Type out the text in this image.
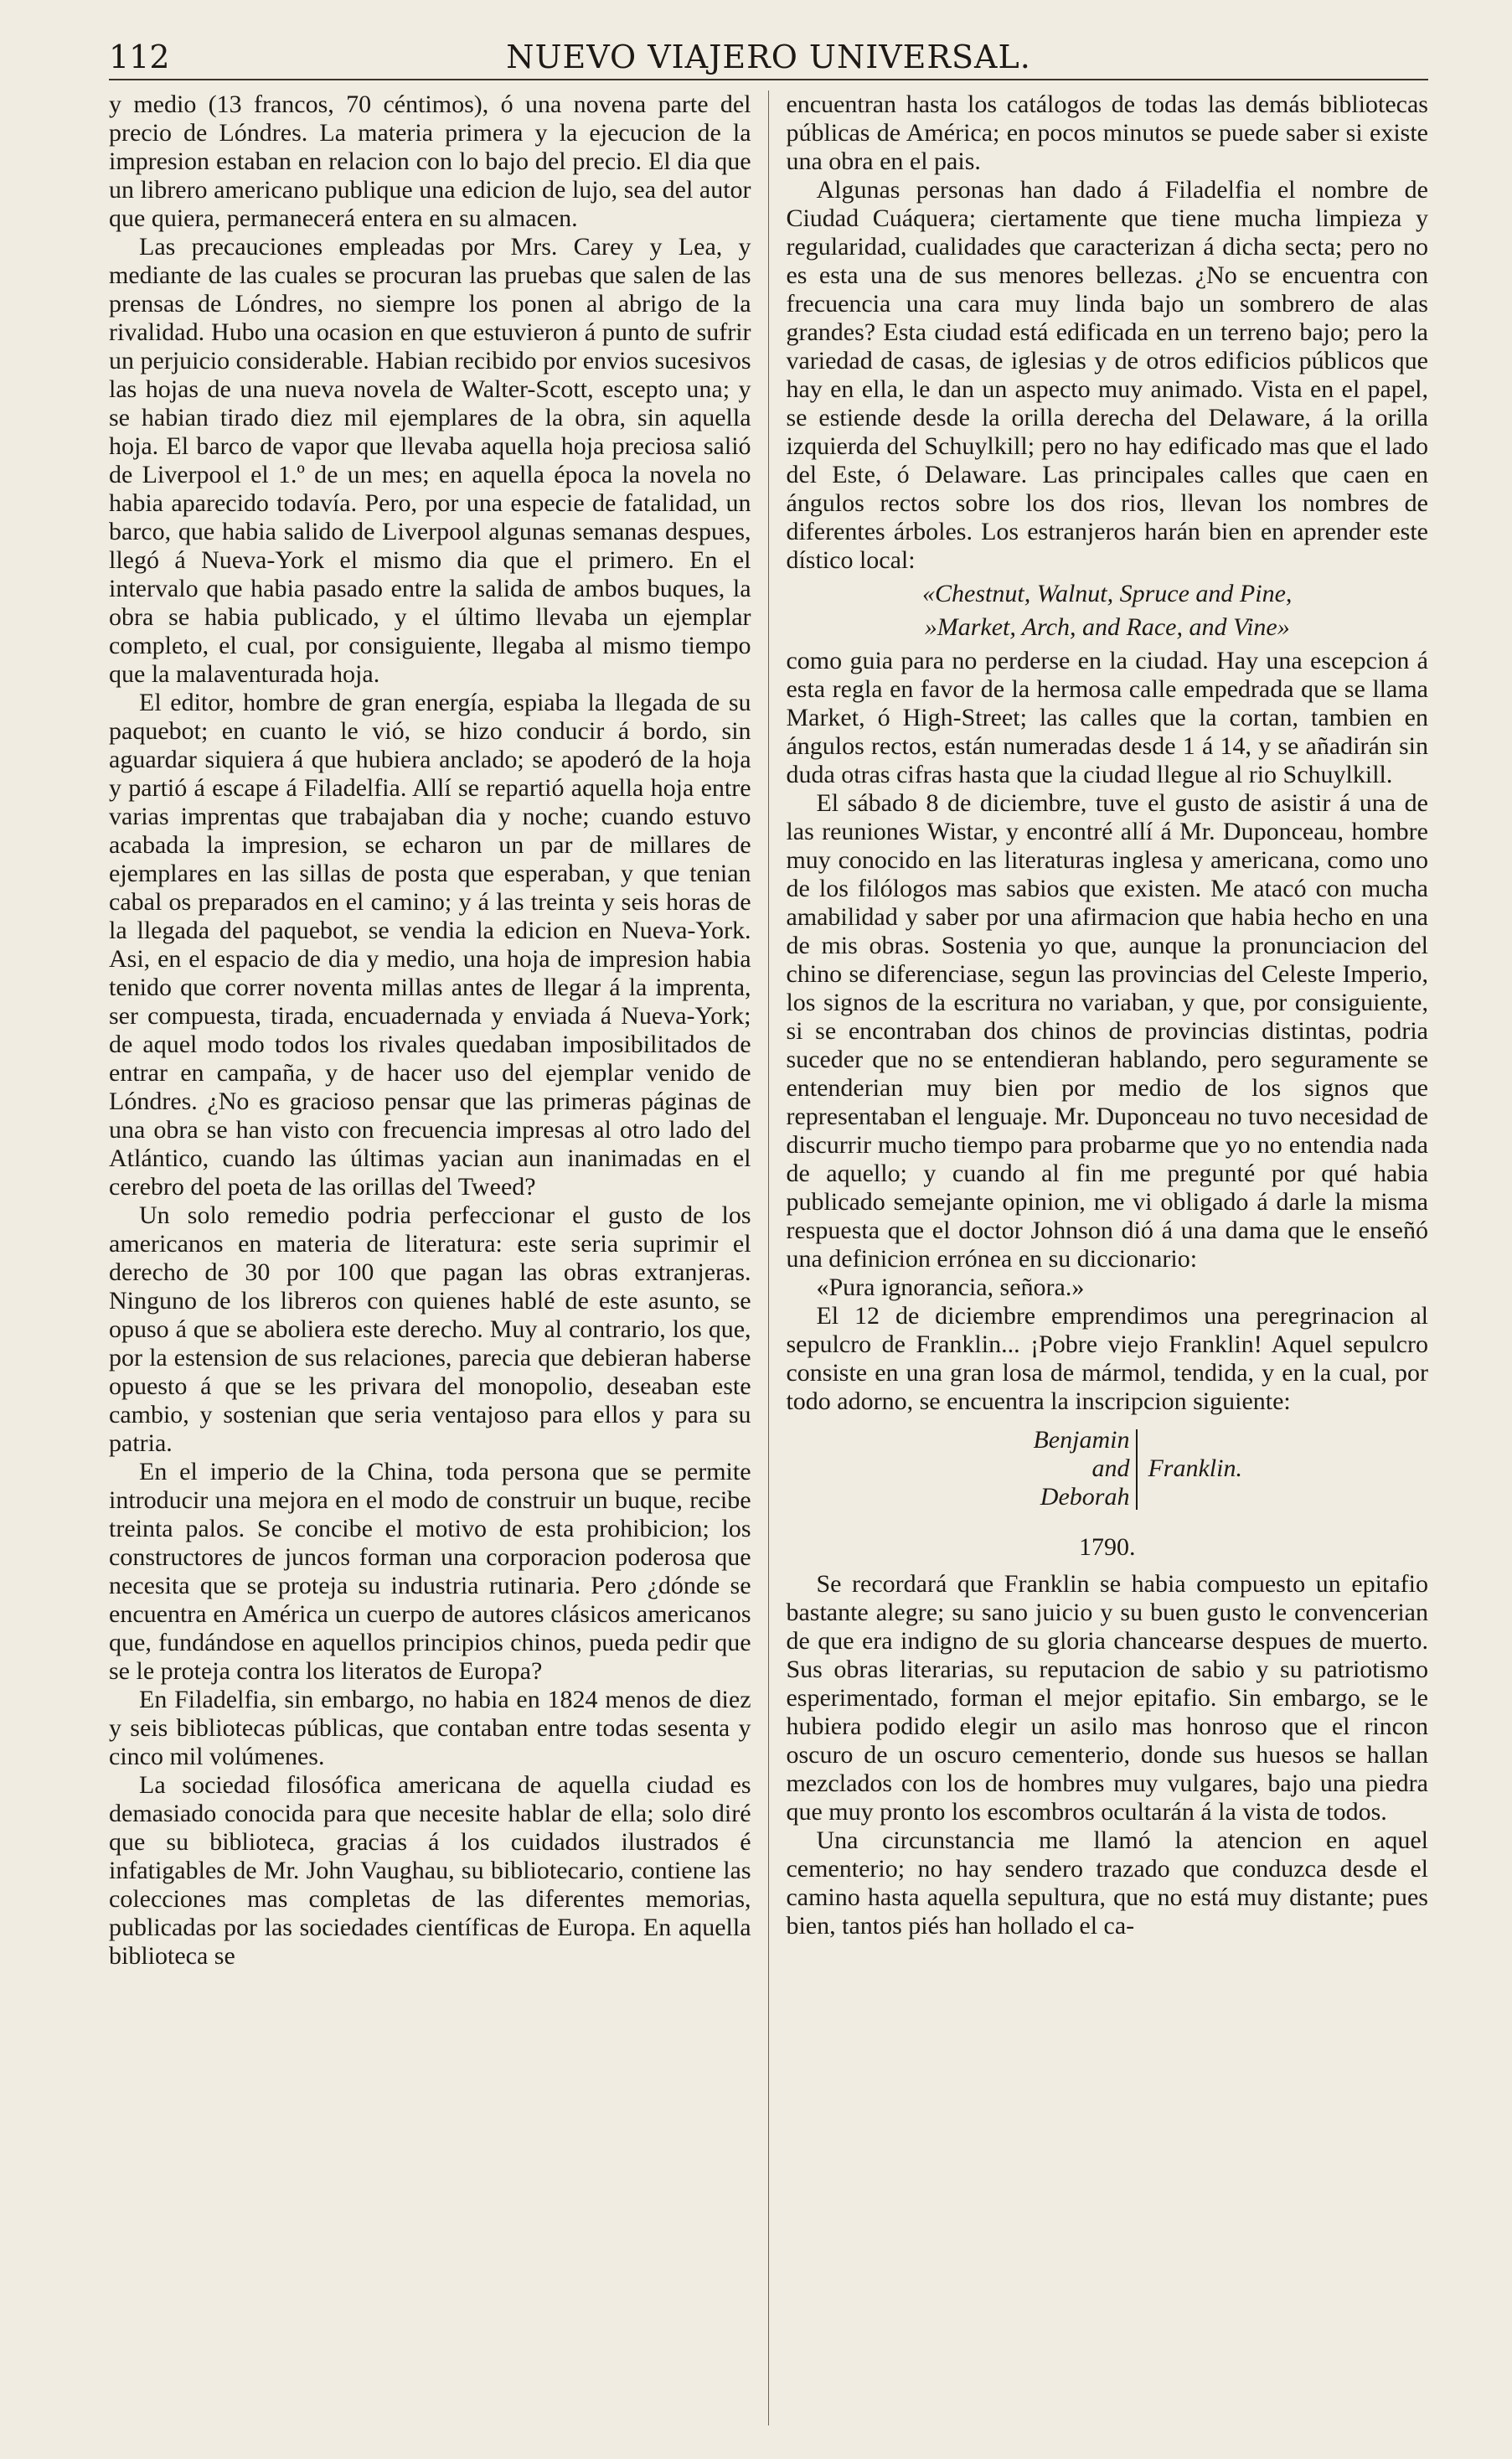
112	NUEVO VIAJERO UNIVERSAL.

y medio (13 francos, 70 céntimos), ó una novena parte del precio de Lóndres. La materia primera y la ejecucion de la impresion estaban en relacion con lo bajo del precio. El dia que un librero americano publique una edicion de lujo, sea del autor que quiera, permanecerá entera en su almacen.

Las precauciones empleadas por Mrs. Carey y Lea, y mediante de las cuales se procuran las pruebas que salen de las prensas de Lóndres, no siempre los ponen al abrigo de la rivalidad. Hubo una ocasion en que estuvieron á punto de sufrir un perjuicio considerable. Habian recibido por envios sucesivos las hojas de una nueva novela de Walter-Scott, escepto una; y se habian tirado diez mil ejemplares de la obra, sin aquella hoja. El barco de vapor que llevaba aquella hoja preciosa salió de Liverpool el 1.º de un mes; en aquella época la novela no habia aparecido todavía. Pero, por una especie de fatalidad, un barco, que habia salido de Liverpool algunas semanas despues, llegó á Nueva-York el mismo dia que el primero. En el intervalo que habia pasado entre la salida de ambos buques, la obra se habia publicado, y el último llevaba un ejemplar completo, el cual, por consiguiente, llegaba al mismo tiempo que la malaventurada hoja.

El editor, hombre de gran energía, espiaba la llegada de su paquebot; en cuanto le vió, se hizo conducir á bordo, sin aguardar siquiera á que hubiera anclado; se apoderó de la hoja y partió á escape á Filadelfia. Allí se repartió aquella hoja entre varias imprentas que trabajaban dia y noche; cuando estuvo acabada la impresion, se echaron un par de millares de ejemplares en las sillas de posta que esperaban, y que tenian cabal os preparados en el camino; y á las treinta y seis horas de la llegada del paquebot, se vendia la edicion en Nueva-York. Asi, en el espacio de dia y medio, una hoja de impresion habia tenido que correr noventa millas antes de llegar á la imprenta, ser compuesta, tirada, encuadernada y enviada á Nueva-York; de aquel modo todos los rivales quedaban imposibilitados de entrar en campaña, y de hacer uso del ejemplar venido de Lóndres. ¿No es gracioso pensar que las primeras páginas de una obra se han visto con frecuencia impresas al otro lado del Atlántico, cuando las últimas yacian aun inanimadas en el cerebro del poeta de las orillas del Tweed?

Un solo remedio podria perfeccionar el gusto de los americanos en materia de literatura: este seria suprimir el derecho de 30 por 100 que pagan las obras extranjeras. Ninguno de los libreros con quienes hablé de este asunto, se opuso á que se aboliera este derecho. Muy al contrario, los que, por la estension de sus relaciones, parecia que debieran haberse opuesto á que se les privara del monopolio, deseaban este cambio, y sostenian que seria ventajoso para ellos y para su patria.

En el imperio de la China, toda persona que se permite introducir una mejora en el modo de construir un buque, recibe treinta palos. Se concibe el motivo de esta prohibicion; los constructores de juncos forman una corporacion poderosa que necesita que se proteja su industria rutinaria. Pero ¿dónde se encuentra en América un cuerpo de autores clásicos americanos que, fundándose en aquellos principios chinos, pueda pedir que se le proteja contra los literatos de Europa?

En Filadelfia, sin embargo, no habia en 1824 menos de diez y seis bibliotecas públicas, que contaban entre todas sesenta y cinco mil volúmenes.

La sociedad filosófica americana de aquella ciudad es demasiado conocida para que necesite hablar de ella; solo diré que su biblioteca, gracias á los cuidados ilustrados é infatigables de Mr. John Vaughau, su bibliotecario, contiene las colecciones mas completas de las diferentes memorias, publicadas por las sociedades científicas de Europa. En aquella biblioteca se

encuentran hasta los catálogos de todas las demás bibliotecas públicas de América; en pocos minutos se puede saber si existe una obra en el pais.

Algunas personas han dado á Filadelfia el nombre de Ciudad Cuáquera; ciertamente que tiene mucha limpieza y regularidad, cualidades que caracterizan á dicha secta; pero no es esta una de sus menores bellezas. ¿No se encuentra con frecuencia una cara muy linda bajo un sombrero de alas grandes? Esta ciudad está edificada en un terreno bajo; pero la variedad de casas, de iglesias y de otros edificios públicos que hay en ella, le dan un aspecto muy animado. Vista en el papel, se estiende desde la orilla derecha del Delaware, á la orilla izquierda del Schuylkill; pero no hay edificado mas que el lado del Este, ó Delaware. Las principales calles que caen en ángulos rectos sobre los dos rios, llevan los nombres de diferentes árboles. Los estranjeros harán bien en aprender este dístico local:

«Chestnut, Walnut, Spruce and Pine,

»Market, Arch, and Race, and Vine»

como guia para no perderse en la ciudad. Hay una escepcion á esta regla en favor de la hermosa calle empedrada que se llama Market, ó High-Street; las calles que la cortan, tambien en ángulos rectos, están numeradas desde 1 á 14, y se añadirán sin duda otras cifras hasta que la ciudad llegue al rio Schuylkill.

El sábado 8 de diciembre, tuve el gusto de asistir á una de las reuniones Wistar, y encontré allí á Mr. Duponceau, hombre muy conocido en las literaturas inglesa y americana, como uno de los filólogos mas sabios que existen. Me atacó con mucha amabilidad y saber por una afirmacion que habia hecho en una de mis obras. Sostenia yo que, aunque la pronunciacion del chino se diferenciase, segun las provincias del Celeste Imperio, los signos de la escritura no variaban, y que, por consiguiente, si se encontraban dos chinos de provincias distintas, podria suceder que no se entendieran hablando, pero seguramente se entenderian muy bien por medio de los signos que representaban el lenguaje. Mr. Duponceau no tuvo necesidad de discurrir mucho tiempo para probarme que yo no entendia nada de aquello; y cuando al fin me pregunté por qué habia publicado semejante opinion, me vi obligado á darle la misma respuesta que el doctor Johnson dió á una dama que le enseñó una definicion errónea en su diccionario:

«Pura ignorancia, señora.»

El 12 de diciembre emprendimos una peregrinacion al sepulcro de Franklin... ¡Pobre viejo Franklin! Aquel sepulcro consiste en una gran losa de mármol, tendida, y en la cual, por todo adorno, se encuentra la inscripcion siguiente:

Benjamin
and
Deborah
Franklin.

1790.

Se recordará que Franklin se habia compuesto un epitafio bastante alegre; su sano juicio y su buen gusto le convencerian de que era indigno de su gloria chancearse despues de muerto. Sus obras literarias, su reputacion de sabio y su patriotismo esperimentado, forman el mejor epitafio. Sin embargo, se le hubiera podido elegir un asilo mas honroso que el rincon oscuro de un oscuro cementerio, donde sus huesos se hallan mezclados con los de hombres muy vulgares, bajo una piedra que muy pronto los escombros ocultarán á la vista de todos.

Una circunstancia me llamó la atencion en aquel cementerio; no hay sendero trazado que conduzca desde el camino hasta aquella sepultura, que no está muy distante; pues bien, tantos piés han hollado el ca-
